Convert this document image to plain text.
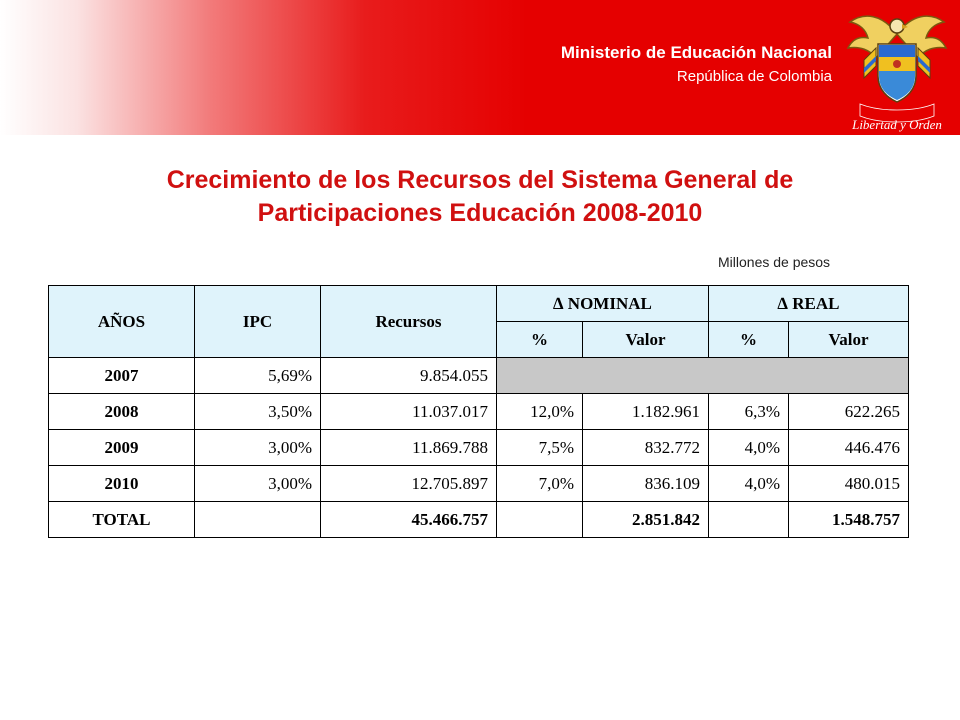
Ministerio de Educación Nacional
República de Colombia
Libertad y Orden
Crecimiento de los Recursos del Sistema General de
Participaciones Educación 2008-2010
Millones de pesos
AÑOS	IPC	Recursos	∆ NOMINAL		∆ REAL	
			%	Valor	%	Valor
2007	5,69%	9.854.055				
2008	3,50%	11.037.017	12,0%	1.182.961	6,3%	622.265
2009	3,00%	11.869.788	7,5%	832.772	4,0%	446.476
2010	3,00%	12.705.897	7,0%	836.109	4,0%	480.015
TOTAL		45.466.757		2.851.842		1.548.757
